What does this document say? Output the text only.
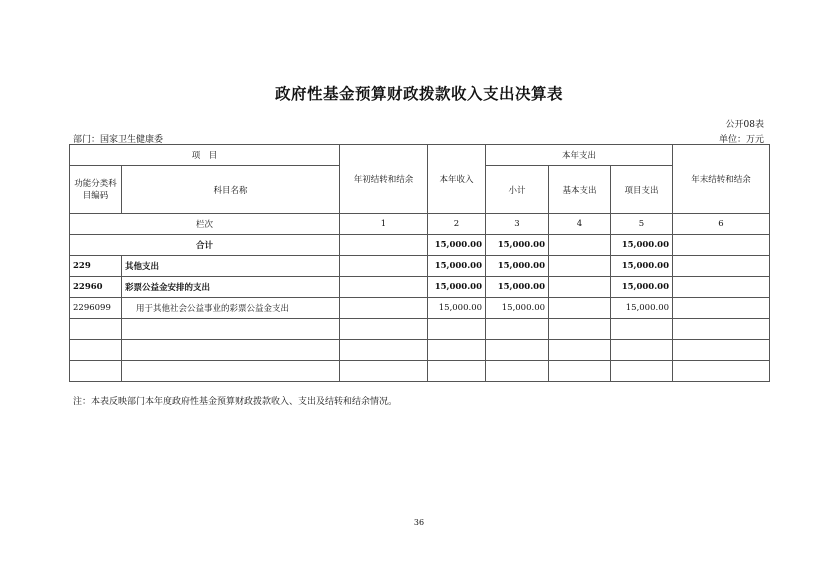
政府性基金预算财政拨款收入支出决算表
公开08表
部门：国家卫生健康委	单位：万元
项　目		年初结转和结余	本年收入	本年支出			年末结转和结余
功能分类科目编码	科目名称			小计	基本支出	项目支出	
栏次		1	2	3	4	5	6
合计			15,000.00	15,000.00		15,000.00	
229	其他支出		15,000.00	15,000.00		15,000.00	
22960	彩票公益金安排的支出		15,000.00	15,000.00		15,000.00	
2296099	用于其他社会公益事业的彩票公益金支出		15,000.00	15,000.00		15,000.00	

注：本表反映部门本年度政府性基金预算财政拨款收入、支出及结转和结余情况。
36
